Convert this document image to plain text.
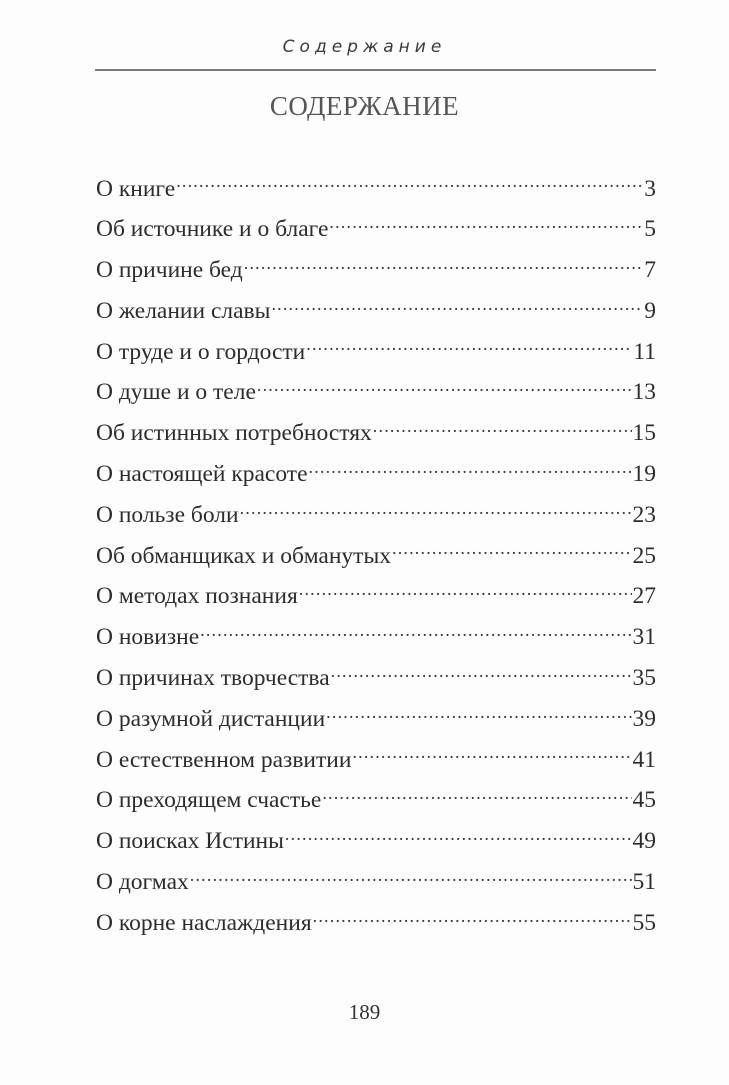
Содержание
СОДЕРЖАНИЕ
О книге .....	3
Об источнике и о благе .....	5
О причине бед .....	7
О желании славы .....	9
О труде и о гордости .....	11
О душе и о теле .....	13
Об истинных потребностях .....	15
О настоящей красоте .....	19
О пользе боли .....	23
Об обманщиках и обманутых .....	25
О методах познания .....	27
О новизне .....	31
О причинах творчества .....	35
О разумной дистанции .....	39
О естественном развитии .....	41
О преходящем счастье .....	45
О поисках Истины .....	49
О догмах .....	51
О корне наслаждения .....	55
189
